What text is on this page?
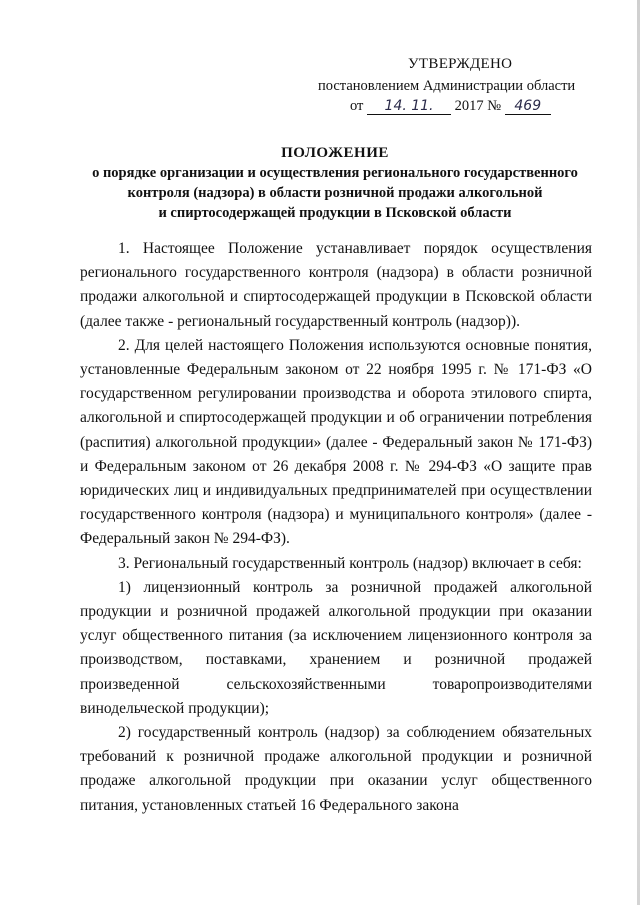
УТВЕРЖДЕНО
постановлением Администрации области
от 14. 11. 2017 № 469
ПОЛОЖЕНИЕ
о порядке организации и осуществления регионального государственного
контроля (надзора) в области розничной продажи алкогольной
и спиртосодержащей продукции в Псковской области

1. Настоящее Положение устанавливает порядок осуществления регионального государственного контроля (надзора) в области розничной продажи алкогольной и спиртосодержащей продукции в Псковской области (далее также - региональный государственный контроль (надзор)).

2. Для целей настоящего Положения используются основные понятия, установленные Федеральным законом от 22 ноября 1995 г. № 171-ФЗ «О государственном регулировании производства и оборота этилового спирта, алкогольной и спиртосодержащей продукции и об ограничении потребления (распития) алкогольной продукции» (далее - Федеральный закон № 171-ФЗ) и Федеральным законом от 26 декабря 2008 г. № 294-ФЗ «О защите прав юридических лиц и индивидуальных предпринимателей при осуществлении государственного контроля (надзора) и муниципального контроля» (далее - Федеральный закон № 294-ФЗ).

3. Региональный государственный контроль (надзор) включает в себя:

1) лицензионный контроль за розничной продажей алкогольной продукции и розничной продажей алкогольной продукции при оказании услуг общественного питания (за исключением лицензионного контроля за производством, поставками, хранением и розничной продажей произведенной сельскохозяйственными товаропроизводителями винодельческой продукции);

2) государственный контроль (надзор) за соблюдением обязательных требований к розничной продаже алкогольной продукции и розничной продаже алкогольной продукции при оказании услуг общественного питания, установленных статьей 16 Федерального закона
